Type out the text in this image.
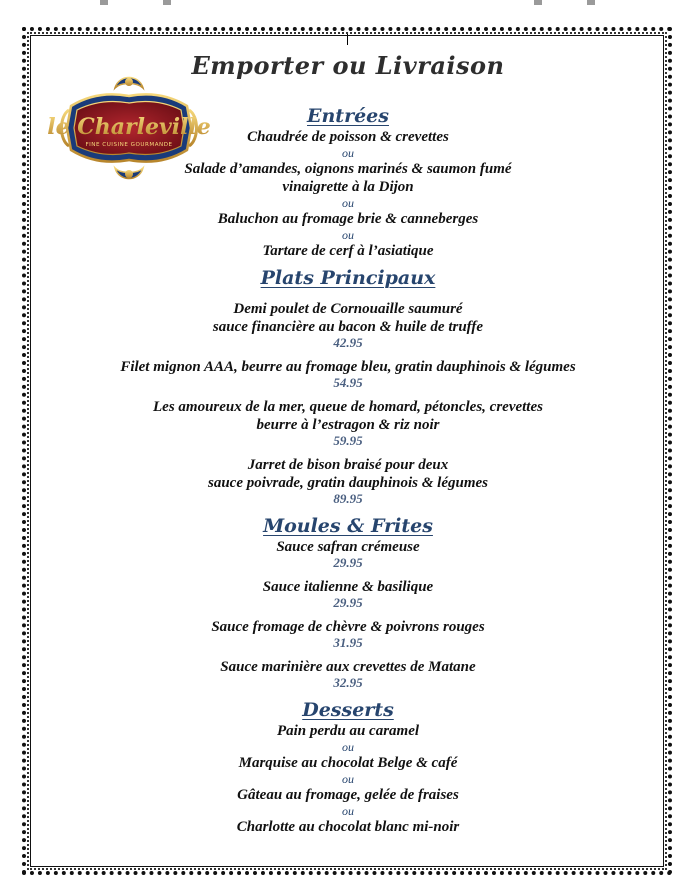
le Charleville
FINE CUISINE GOURMANDE
Emporter ou Livraison
Entrées

Chaudrée de poisson & crevettes

ou

Salade d’amandes, oignons marinés & saumon fumé

vinaigrette à la Dijon

ou

Baluchon au fromage brie & canneberges

ou

Tartare de cerf à l’asiatique

Plats Principaux

Demi poulet de Cornouaille saumuré

sauce financière au bacon & huile de truffe

42.95

Filet mignon AAA, beurre au fromage bleu, gratin dauphinois & légumes

54.95

Les amoureux de la mer, queue de homard, pétoncles, crevettes

beurre à l’estragon & riz noir

59.95

Jarret de bison braisé pour deux

sauce poivrade, gratin dauphinois & légumes

89.95

Moules & Frites

Sauce safran crémeuse

29.95

Sauce italienne & basilique

29.95

Sauce fromage de chèvre & poivrons rouges

31.95

Sauce marinière aux crevettes de Matane

32.95

Desserts

Pain perdu au caramel

ou

Marquise au chocolat Belge & café

ou

Gâteau au fromage, gelée de fraises

ou

Charlotte au chocolat blanc mi-noir
